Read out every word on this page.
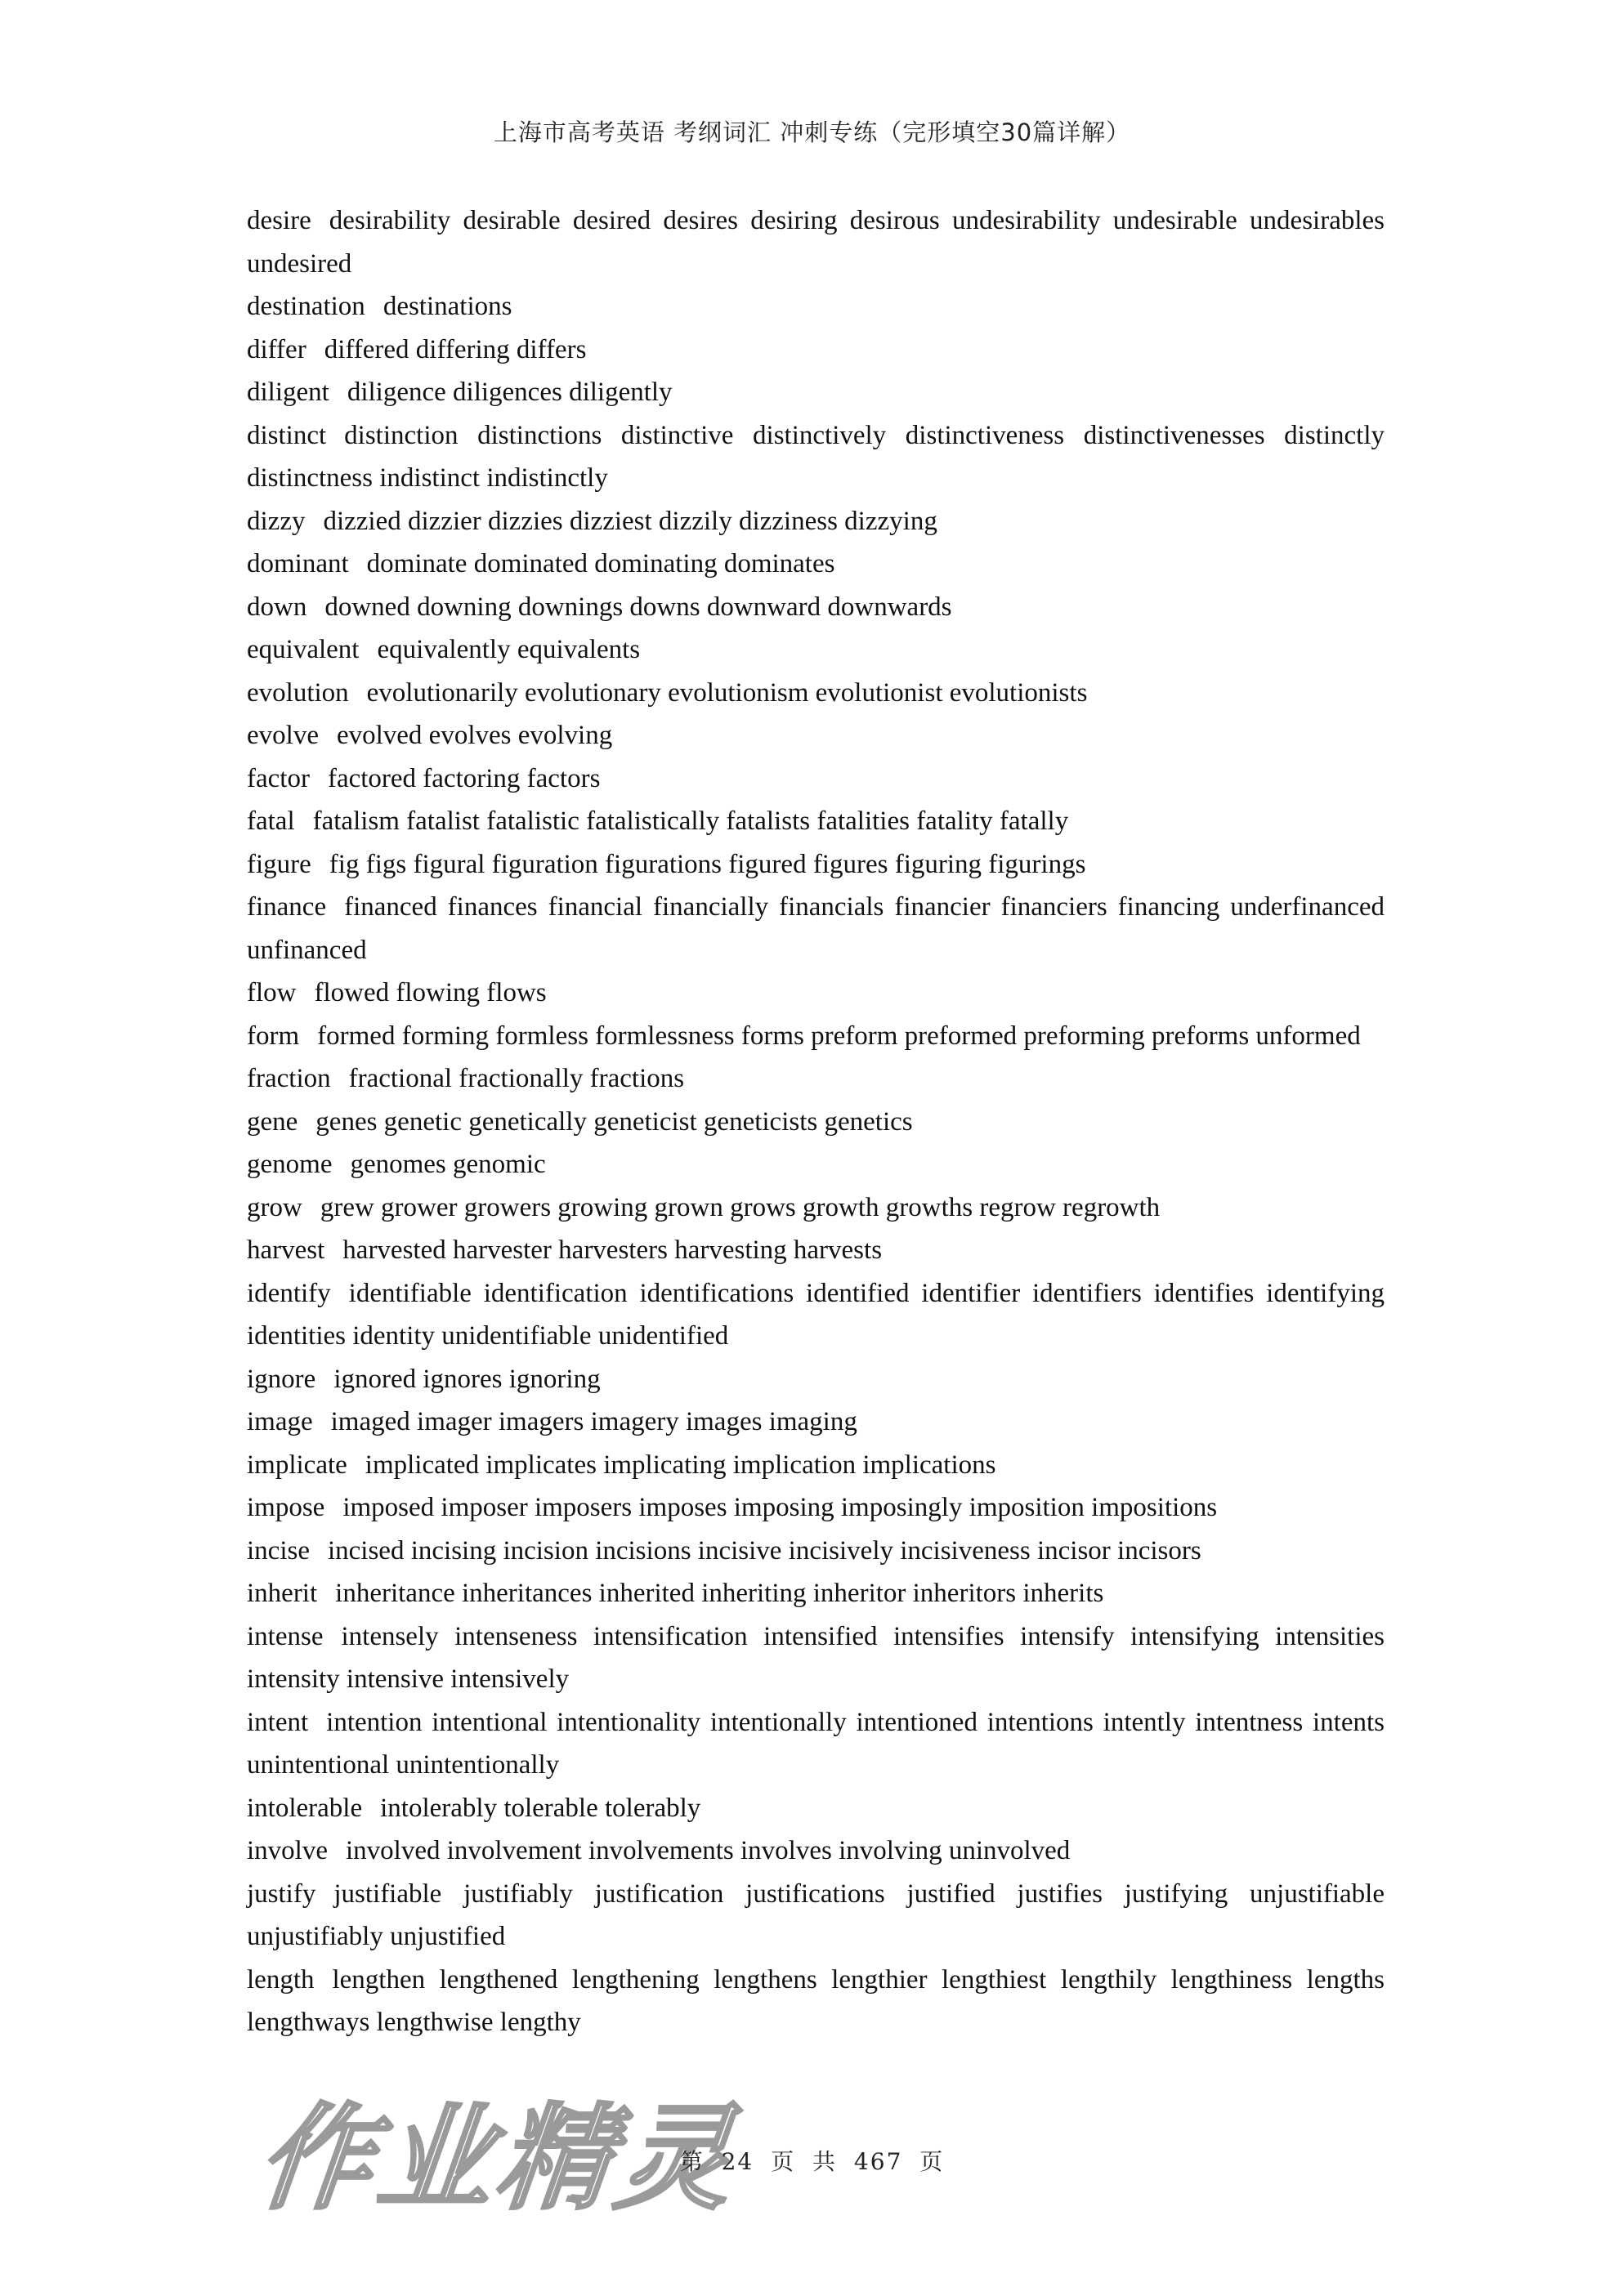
上海市高考英语 考纲词汇 冲刺专练（完形填空30篇详解）

desire desirability desirable desired desires desiring desirous undesirability undesirable undesirables undesired

destination destinations

differ differed differing differs

diligent diligence diligences diligently

distinct distinction distinctions distinctive distinctively distinctiveness distinctivenesses distinctly distinctness indistinct indistinctly

dizzy dizzied dizzier dizzies dizziest dizzily dizziness dizzying

dominant dominate dominated dominating dominates

down downed downing downings downs downward downwards

equivalent equivalently equivalents

evolution evolutionarily evolutionary evolutionism evolutionist evolutionists

evolve evolved evolves evolving

factor factored factoring factors

fatal fatalism fatalist fatalistic fatalistically fatalists fatalities fatality fatally

figure fig figs figural figuration figurations figured figures figuring figurings

finance financed finances financial financially financials financier financiers financing underfinanced unfinanced

flow flowed flowing flows

form formed forming formless formlessness forms preform preformed preforming preforms unformed

fraction fractional fractionally fractions

gene genes genetic genetically geneticist geneticists genetics

genome genomes genomic

grow grew grower growers growing grown grows growth growths regrow regrowth

harvest harvested harvester harvesters harvesting harvests

identify identifiable identification identifications identified identifier identifiers identifies identifying identities identity unidentifiable unidentified

ignore ignored ignores ignoring

image imaged imager imagers imagery images imaging

implicate implicated implicates implicating implication implications

impose imposed imposer imposers imposes imposing imposingly imposition impositions

incise incised incising incision incisions incisive incisively incisiveness incisor incisors

inherit inheritance inheritances inherited inheriting inheritor inheritors inherits

intense intensely intenseness intensification intensified intensifies intensify intensifying intensities intensity intensive intensively

intent intention intentional intentionality intentionally intentioned intentions intently intentness intents unintentional unintentionally

intolerable intolerably tolerable tolerably

involve involved involvement involvements involves involving uninvolved

justify justifiable justifiably justification justifications justified justifies justifying unjustifiable unjustifiably unjustified

length lengthen lengthened lengthening lengthens lengthier lengthiest lengthily lengthiness lengths lengthways lengthwise lengthy

作业精灵
第 24 页 共 467 页
